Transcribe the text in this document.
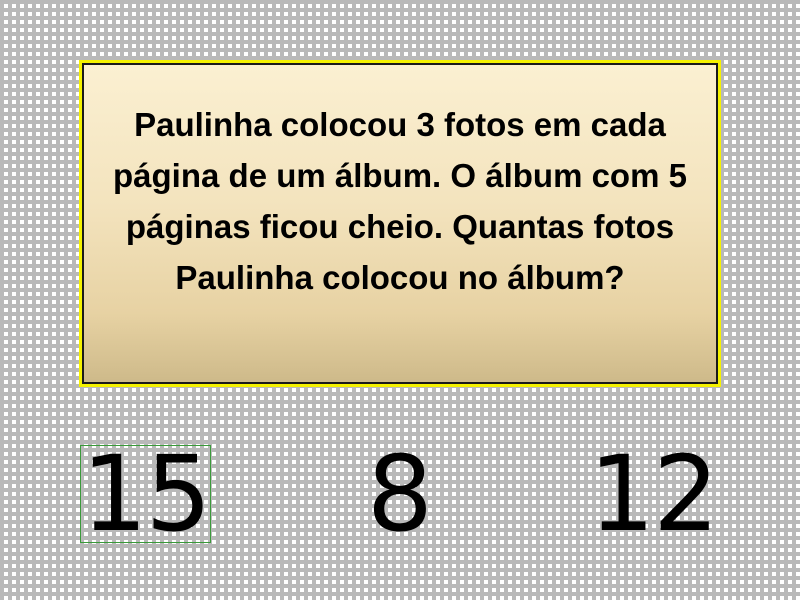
Paulinha colocou 3 fotos em cada página de um álbum. O álbum com 5 páginas ficou cheio. Quantas fotos Paulinha colocou no álbum?

15 8 12
